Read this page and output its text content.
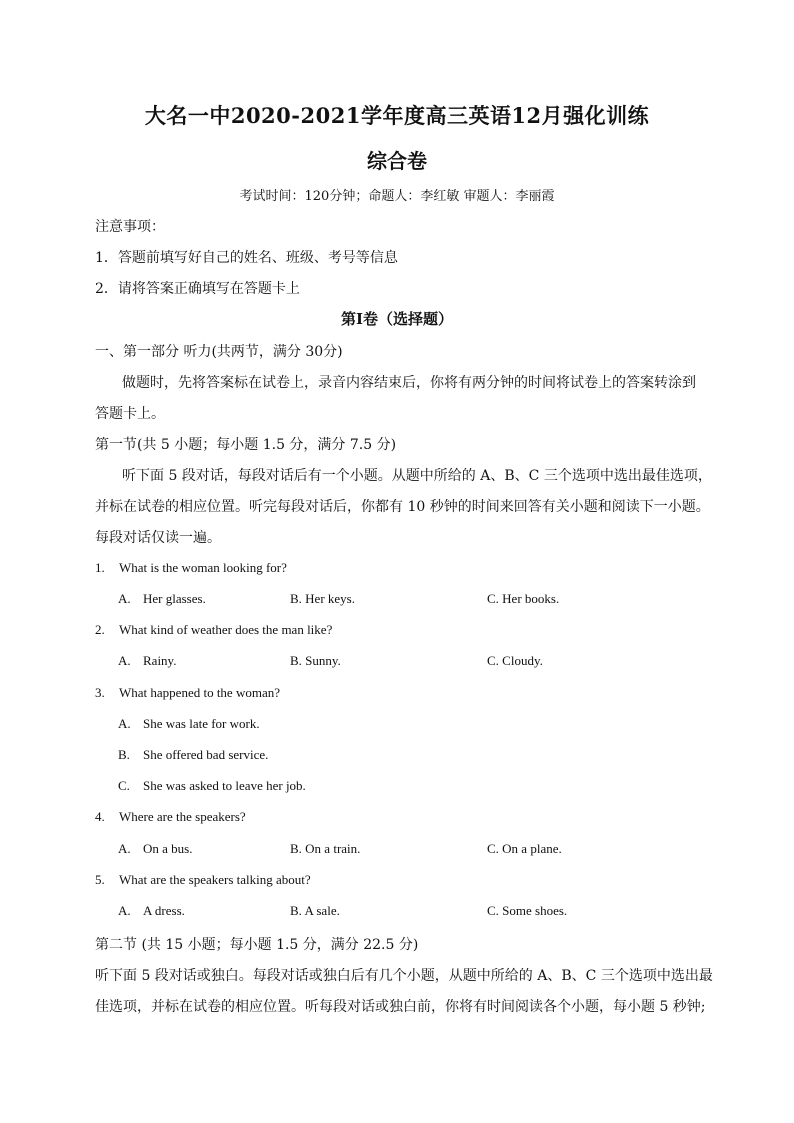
大名一中2020-2021学年度高三英语12月强化训练
综合卷
考试时间：120分钟；命题人：李红敏 审题人：李丽霞
注意事项：
1．答题前填写好自己的姓名、班级、考号等信息
2．请将答案正确填写在答题卡上
第I卷（选择题）
一、第一部分 听力(共两节，满分 30分)
做题时，先将答案标在试卷上，录音内容结束后，你将有两分钟的时间将试卷上的答案转涂到
答题卡上。
第一节(共 5 小题；每小题 1.5 分，满分 7.5 分)
听下面 5 段对话，每段对话后有一个小题。从题中所给的 A、B、C 三个选项中选出最佳选项，
并标在试卷的相应位置。听完每段对话后，你都有 10 秒钟的时间来回答有关小题和阅读下一小题。
每段对话仅读一遍。
1. What is the woman looking for?
A. Her glasses.	B. Her keys.	C. Her books.
2. What kind of weather does the man like?
A. Rainy.	B. Sunny.	C. Cloudy.
3. What happened to the woman?
A. She was late for work.
B. She offered bad service.
C. She was asked to leave her job.
4. Where are the speakers?
A. On a bus.	B. On a train.	C. On a plane.
5. What are the speakers talking about?
A. A dress.	B. A sale.	C. Some shoes.
第二节 (共 15 小题；每小题 1.5 分，满分 22.5 分)
听下面 5 段对话或独白。每段对话或独白后有几个小题，从题中所给的 A、B、C 三个选项中选出最
佳选项，并标在试卷的相应位置。听每段对话或独白前，你将有时间阅读各个小题，每小题 5 秒钟;
